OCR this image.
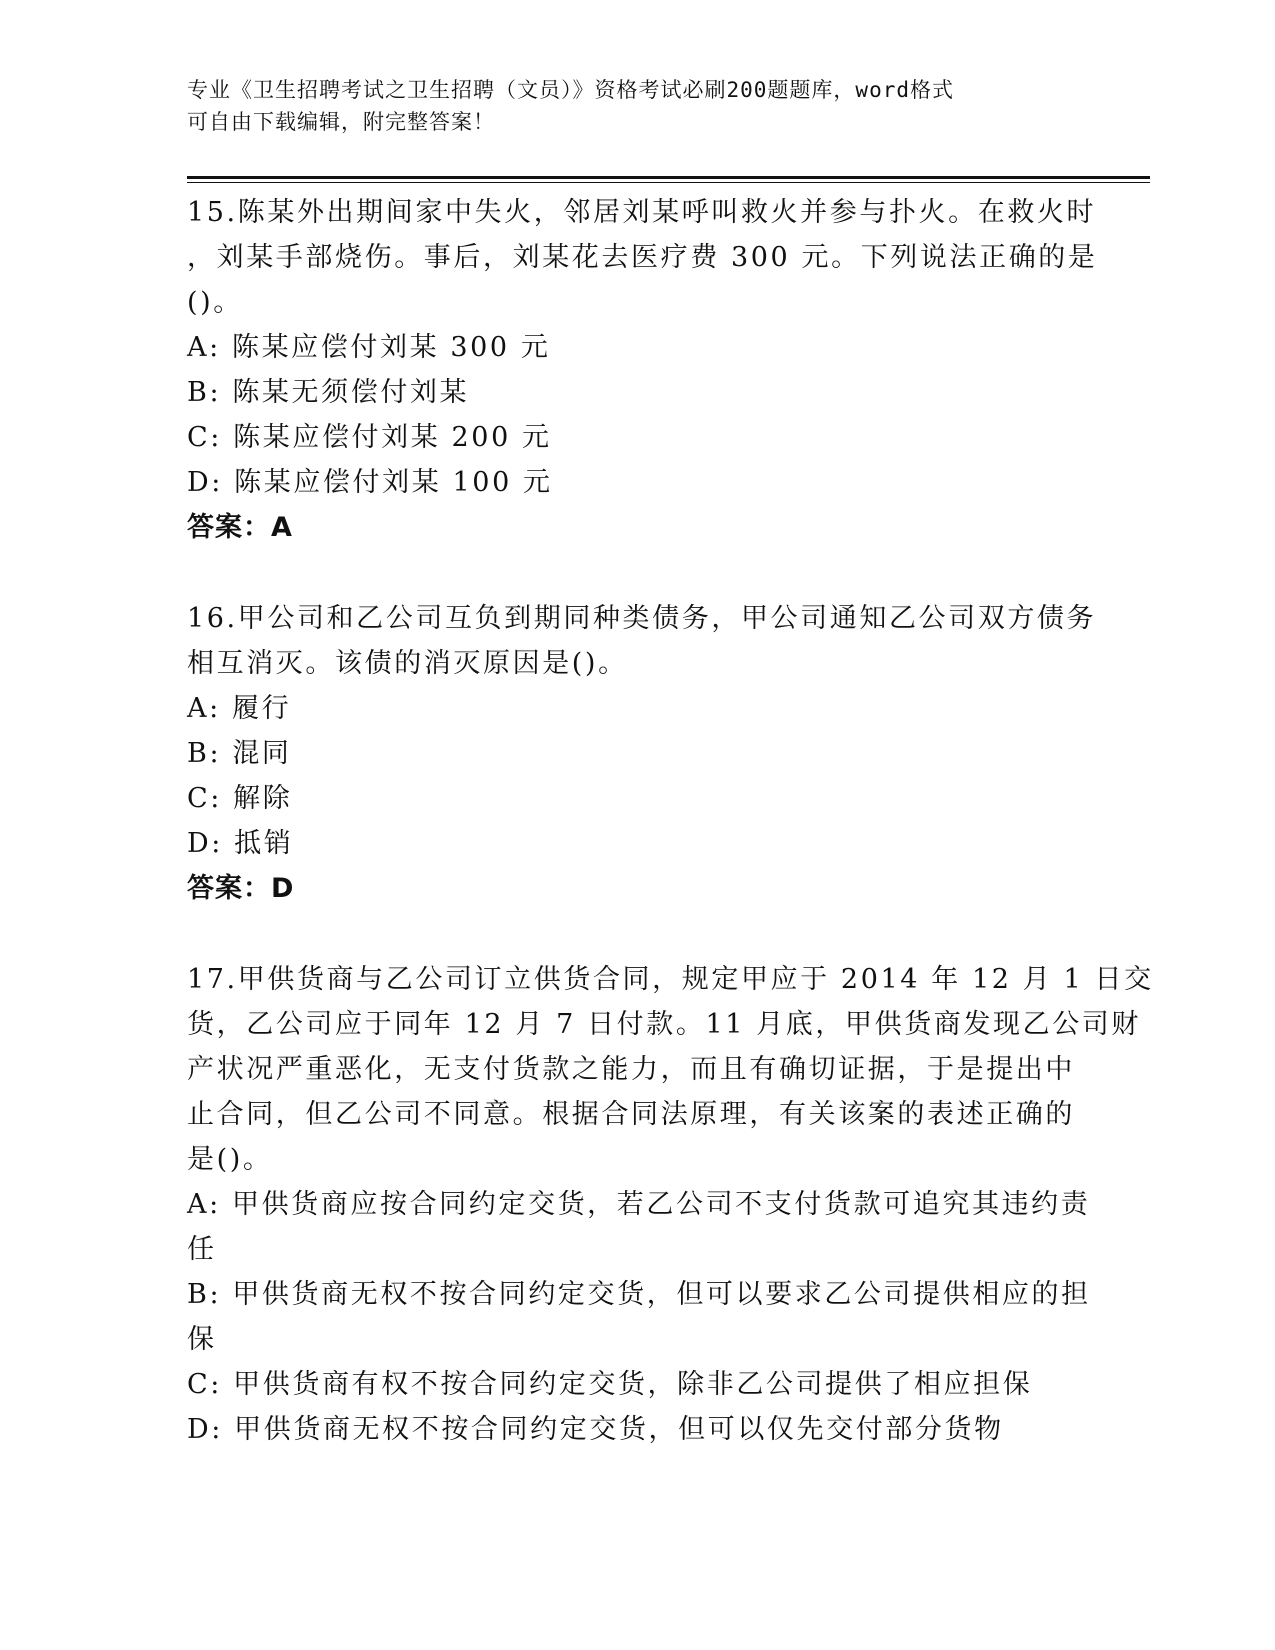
专业《卫生招聘考试之卫生招聘（文员）》资格考试必刷200题题库，word格式
可自由下载编辑，附完整答案！
15.陈某外出期间家中失火，邻居刘某呼叫救火并参与扑火。在救火时
，刘某手部烧伤。事后，刘某花去医疗费 300 元。下列说法正确的是
()。
A: 陈某应偿付刘某 300 元
B: 陈某无须偿付刘某
C: 陈某应偿付刘某 200 元
D: 陈某应偿付刘某 100 元
答案：A
16.甲公司和乙公司互负到期同种类债务，甲公司通知乙公司双方债务
相互消灭。该债的消灭原因是()。
A: 履行
B: 混同
C: 解除
D: 抵销
答案：D
17.甲供货商与乙公司订立供货合同，规定甲应于 2014 年 12 月 1 日交
货，乙公司应于同年 12 月 7 日付款。11 月底，甲供货商发现乙公司财
产状况严重恶化，无支付货款之能力，而且有确切证据，于是提出中
止合同，但乙公司不同意。根据合同法原理，有关该案的表述正确的
是()。
A: 甲供货商应按合同约定交货，若乙公司不支付货款可追究其违约责
任
B: 甲供货商无权不按合同约定交货，但可以要求乙公司提供相应的担
保
C: 甲供货商有权不按合同约定交货，除非乙公司提供了相应担保
D: 甲供货商无权不按合同约定交货，但可以仅先交付部分货物
